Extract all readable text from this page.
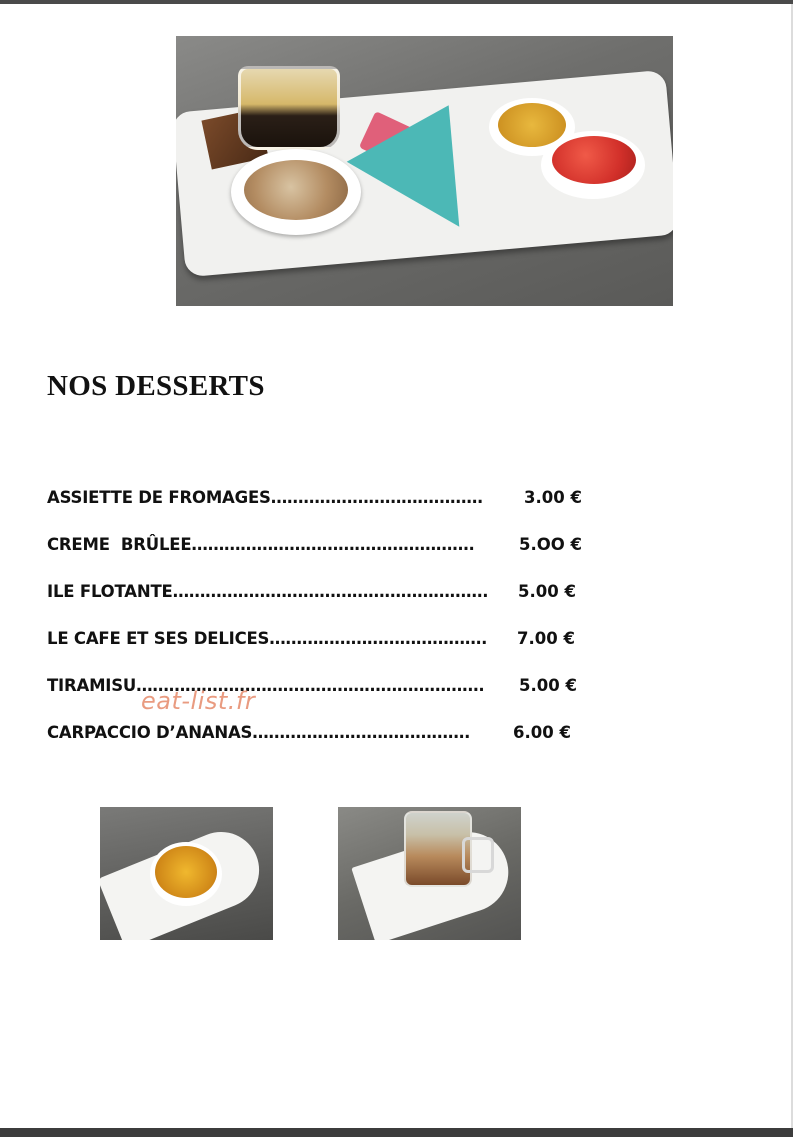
NOS DESSERTS
ASSIETTE DE FROMAGES…………………………………	3.00 €
CREME  BRÛLEE…………………………………………….	5.OO €
ILE FLOTANTE…………………………………………………. 5.00 €
LE CAFE ET SES DELICES…………………………………. 7.00 €
TIRAMISU………………………………………………………. 5.00 €
CARPACCIO D’ANANAS………………………………….	6.00 €

eat-list.fr
